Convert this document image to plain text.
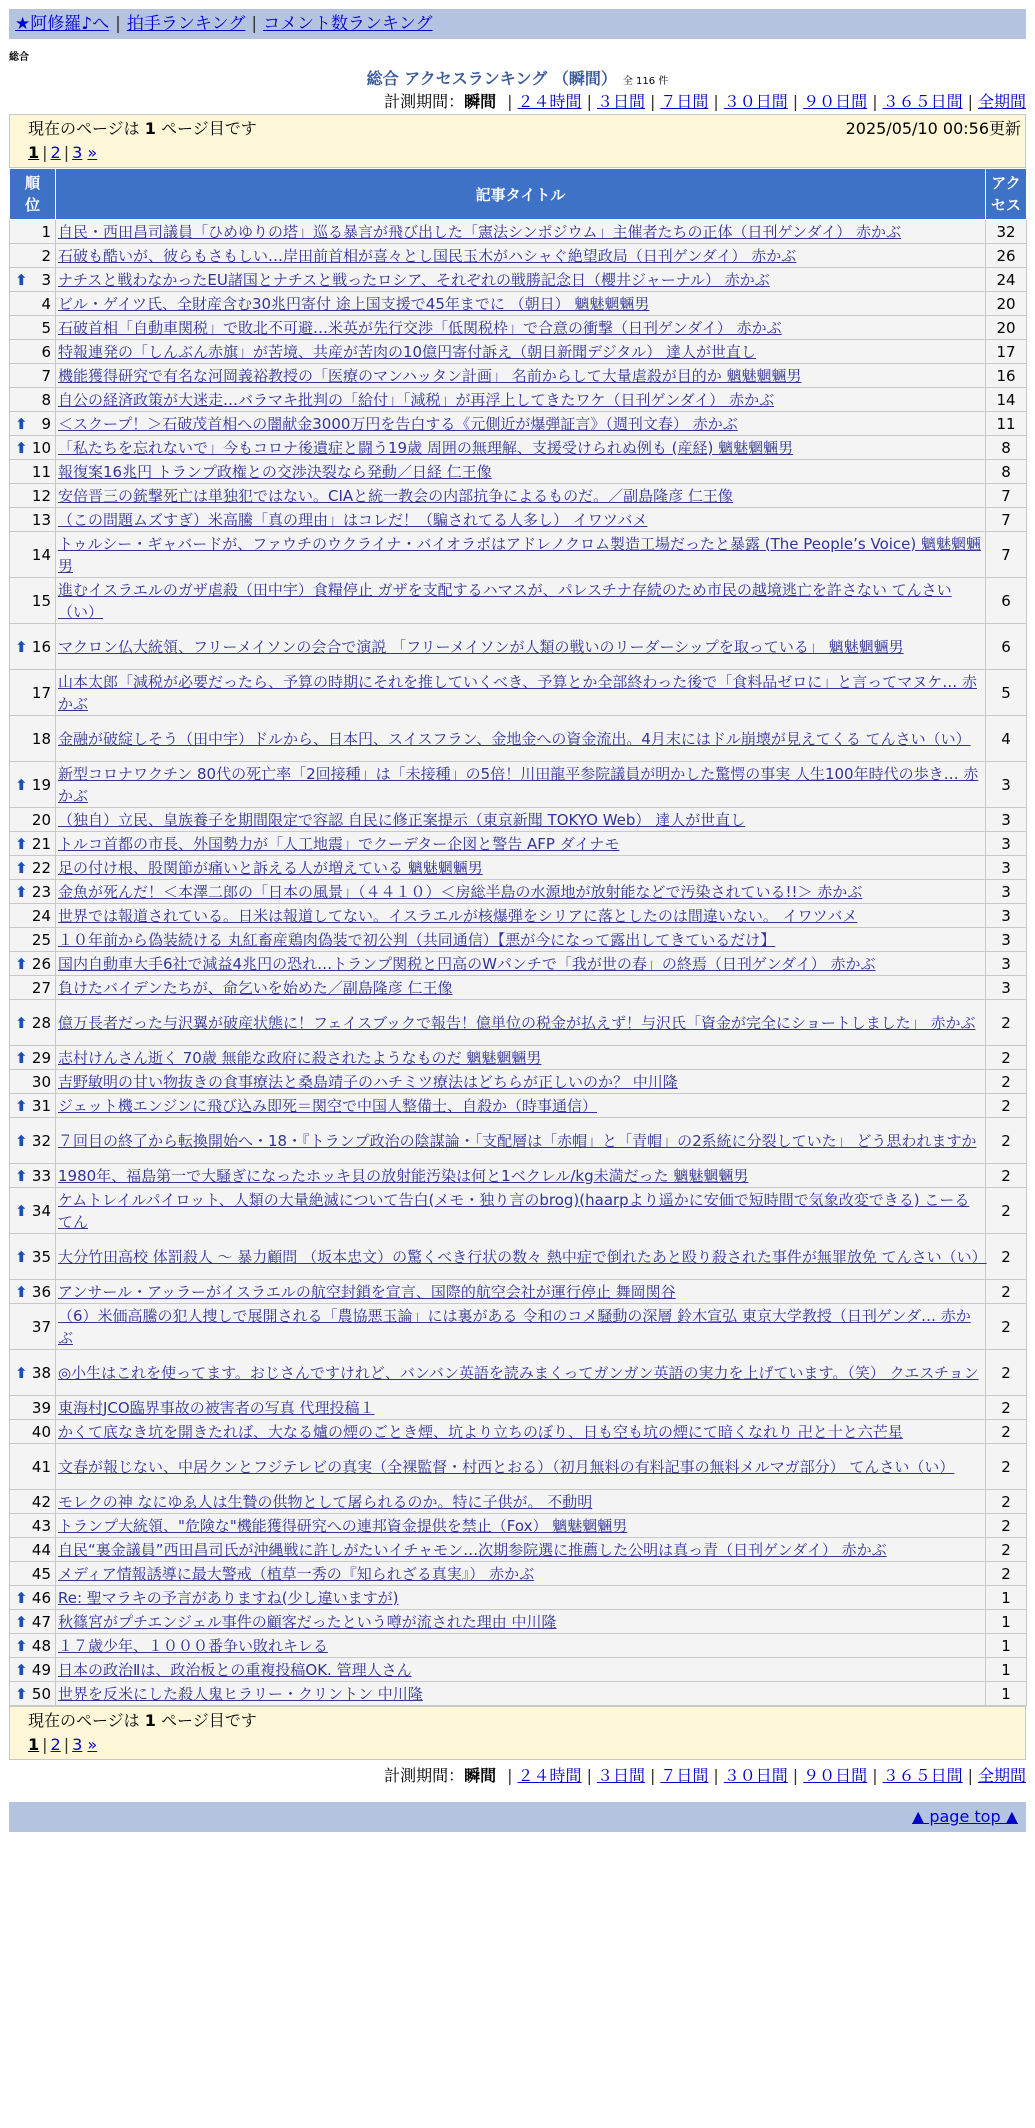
★阿修羅♪へ | 拍手ランキング | コメント数ランキング
総合
総合 アクセスランキング （瞬間） 全 116 件
計測期間：瞬間 | ２４時間 | ３日間 | ７日間 | ３０日間 | ９０日間 | ３６５日間 | 全期間
現在のページは 1 ページ目です	2025/05/10 00:56更新
1 | 2 | 3 »
順位	記事タイトル	アクセス
1	自民・西田昌司議員「ひめゆりの塔」巡る暴言が飛び出した「憲法シンポジウム」主催者たちの正体（日刊ゲンダイ） 赤かぶ	32
2	石破も酷いが、彼らもさもしい…岸田前首相が喜々とし国民玉木がハシャぐ絶望政局（日刊ゲンダイ） 赤かぶ	26

⬆ 3	ナチスと戦わなかったEU諸国とナチスと戦ったロシア、それぞれの戦勝記念日（櫻井ジャーナル） 赤かぶ	24
4	ビル・ゲイツ氏、全財産含む30兆円寄付 途上国支援で45年までに （朝日） 魑魅魍魎男	20
5	石破首相「自動車関税」で敗北不可避…米英が先行交渉「低関税枠」で合意の衝撃（日刊ゲンダイ） 赤かぶ	20
6	特報連発の「しんぶん赤旗」が苦境、共産が苦肉の10億円寄付訴え（朝日新聞デジタル） 達人が世直し	17
7	機能獲得研究で有名な河岡義裕教授の「医療のマンハッタン計画」 名前からして大量虐殺が目的か 魑魅魍魎男	16
8	自公の経済政策が大迷走…バラマキ批判の「給付」「減税」が再浮上してきたワケ（日刊ゲンダイ） 赤かぶ	14

⬆ 9	＜スクープ！＞石破茂首相への闇献金3000万円を告白する《元側近が爆弾証言》（週刊文春） 赤かぶ	11

⬆ 10	「私たちを忘れないで」今もコロナ後遺症と闘う19歳 周囲の無理解、支援受けられぬ例も (産経) 魑魅魍魎男	8
11	報復案16兆円 トランプ政権との交渉決裂なら発動／日経 仁王像	8
12	安倍晋三の銃撃死亡は単独犯ではない。CIAと統一教会の内部抗争によるものだ。／副島隆彦 仁王像	7
13	（この問題ムズすぎ）米高騰「真の理由」はコレだ！（騙されてる人多し） イワツバメ	7
14	トゥルシー・ギャバードが、ファウチのウクライナ・バイオラボはアドレノクロム製造工場だったと暴露 (The People’s Voice) 魑魅魍魎男	7
15	進むイスラエルのガザ虐殺（田中宇）食糧停止 ガザを支配するハマスが、パレスチナ存続のため市民の越境逃亡を許さない てんさい（い）	6

⬆ 16	マクロン仏大統領、フリーメイソンの会合で演説 「フリーメイソンが人類の戦いのリーダーシップを取っている」 魑魅魍魎男	6
17	山本太郎「減税が必要だったら、予算の時期にそれを推していくべき、予算とか全部終わった後で「食料品ゼロに」と言ってマヌケ… 赤かぶ	5
18	金融が破綻しそう（田中宇）ドルから、日本円、スイスフラン、金地金への資金流出。4月末にはドル崩壊が見えてくる てんさい（い）	4

⬆ 19	新型コロナワクチン 80代の死亡率「2回接種」は「未接種」の5倍！川田龍平参院議員が明かした驚愕の事実 人生100年時代の歩き… 赤かぶ	3
20	（独自）立民、皇族養子を期間限定で容認 自民に修正案提示（東京新聞 TOKYO Web） 達人が世直し	3

⬆ 21	トルコ首都の市長、外国勢力が「人工地震」でクーデター企図と警告 AFP ダイナモ	3

⬆ 22	足の付け根、股関節が痛いと訴える人が増えている 魑魅魍魎男	3

⬆ 23	金魚が死んだ！＜本澤二郎の「日本の風景」（４４１０）＜房総半島の水源地が放射能などで汚染されている!!＞ 赤かぶ	3
24	世界では報道されている。日米は報道してない。イスラエルが核爆弾をシリアに落としたのは間違いない。 イワツバメ	3
25	１０年前から偽装続ける 丸紅畜産鶏肉偽装で初公判（共同通信）【悪が今になって露出してきているだけ】	3

⬆ 26	国内自動車大手6社で減益4兆円の恐れ…トランプ関税と円高のWパンチで「我が世の春」の終焉（日刊ゲンダイ） 赤かぶ	3
27	負けたバイデンたちが、命乞いを始めた／副島隆彦 仁王像	3

⬆ 28	億万長者だった与沢翼が破産状態に！フェイスブックで報告！億単位の税金が払えず！与沢氏「資金が完全にショートしました」 赤かぶ	2

⬆ 29	志村けんさん逝く 70歳 無能な政府に殺されたようなものだ 魑魅魍魎男	2
30	吉野敏明の甘い物抜きの食事療法と桑島靖子のハチミツ療法はどちらが正しいのか？ 中川隆	2

⬆ 31	ジェット機エンジンに飛び込み即死＝関空で中国人整備士、自殺か（時事通信）	2

⬆ 32	７回目の終了から転換開始へ・18・『トランプ政治の陰謀論・「支配層は「赤帽」と「青帽」の2系統に分裂していた」 どう思われますか	2

⬆ 33	1980年、福島第一で大騒ぎになったホッキ貝の放射能汚染は何と1ベクレル/kg未満だった 魑魅魍魎男	2

⬆ 34	ケムトレイルパイロット、人類の大量絶滅について告白(メモ・独り言のbrog)(haarpより遥かに安価で短時間で気象改変できる) こーるてん	2

⬆ 35	大分竹田高校 体罰殺人 ～ 暴力顧問 （坂本忠文）の驚くべき行状の数々 熱中症で倒れたあと殴り殺された事件が無罪放免 てんさい（い）	2

⬆ 36	アンサール・アッラーがイスラエルの航空封鎖を宣言、国際的航空会社が運行停止 舞岡関谷	2
37	（6）米価高騰の犯人捜しで展開される「農協悪玉論」には裏がある 令和のコメ騒動の深層 鈴木宣弘 東京大学教授（日刊ゲンダ… 赤かぶ	2

⬆ 38	◎小生はこれを使ってます。おじさんですけれど、バンバン英語を読みまくってガンガン英語の実力を上げています。（笑） クエスチョン	2
39	東海村JCO臨界事故の被害者の写真 代理投稿１	2
40	かくて底なき坑を開きたれば、大なる爐の煙のごとき煙、坑より立ちのぼり、日も空も坑の煙にて暗くなれり 卍と十と六芒星	2
41	文春が報じない、中居クンとフジテレビの真実（全裸監督・村西とおる）（初月無料の有料記事の無料メルマガ部分） てんさい（い）	2
42	モレクの神 なにゆゑ人は生贄の供物として屠られるのか。特に子供が。 不動明	2
43	トランプ大統領、"危険な"機能獲得研究への連邦資金提供を禁止（Fox） 魑魅魍魎男	2
44	自民“裏金議員”西田昌司氏が沖縄戦に許しがたいイチャモン…次期参院選に推薦した公明は真っ青（日刊ゲンダイ） 赤かぶ	2
45	メディア情報誘導に最大警戒（植草一秀の『知られざる真実』） 赤かぶ	2

⬆ 46	Re: 聖マラキの予言がありますね(少し違いますが)	1

⬆ 47	秋篠宮がプチエンジェル事件の顧客だったという噂が流された理由 中川隆	1

⬆ 48	１７歳少年、１０００番争い敗れキレる	1

⬆ 49	日本の政治Ⅱは、政治板との重複投稿OK. 管理人さん	1

⬆ 50	世界を反米にした殺人鬼ヒラリー・クリントン 中川隆	1
現在のページは 1 ページ目です
1 | 2 | 3 »
計測期間：瞬間 | ２４時間 | ３日間 | ７日間 | ３０日間 | ９０日間 | ３６５日間 | 全期間
▲ page top ▲
